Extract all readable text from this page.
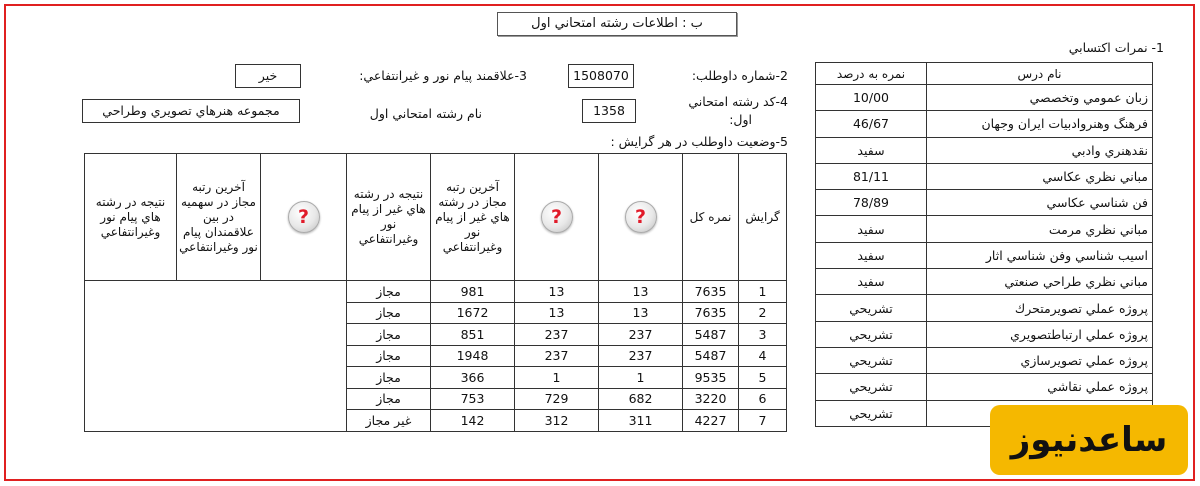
ب : اطلاعات رشته امتحاني اول
1- نمرات اکتسابي
نام درس	نمره به درصد
زبان عمومي وتخصصي	10/00
فرهنگ وهنروادبيات ايران وجهان	46/67
نقدهنري وادبي	سفيد
مباني نظري عكاسي	81/11
فن شناسي عكاسي	78/89
مباني نظري مرمت	سفيد
اسيب شناسي وفن شناسي اثار	سفيد
مباني نظري طراحي صنعتي	سفيد
پروژه عملي تصويرمتحرك	تشريحي
پروژه عملي ارتباطتصويري	تشريحي
پروژه عملي تصويرسازي	تشريحي
پروژه عملي نقاشي	تشريحي
	تشريحي
2-شماره داوطلب:
1508070
3-علاقمند پيام نور و غيرانتفاعي:
خير
4-كد رشته امتحاني
اول:
1358
نام رشته امتحاني اول
مجموعه هنرهاي تصويري وطراحي
5-وضعيت داوطلب در هر گرايش :
گرايش	نمره كل	?	?	آخرين رتبه مجاز در رشته هاي غير از پيام نور وغيرانتفاعي	نتيجه در رشته هاي غير از پيام نور وغيرانتفاعي	?	آخرين رتبه مجاز در سهميه در بين علاقمندان پيام نور وغيرانتفاعي	نتيجه در رشته هاي پيام نور وغيرانتفاعي
1	7635	13	13	981	مجاز			
2	7635	13	13	1672	مجاز			
3	5487	237	237	851	مجاز			
4	5487	237	237	1948	مجاز			
5	9535	1	1	366	مجاز			
6	3220	682	729	753	مجاز			
7	4227	311	312	142	غير مجاز				ساعدنيوز
